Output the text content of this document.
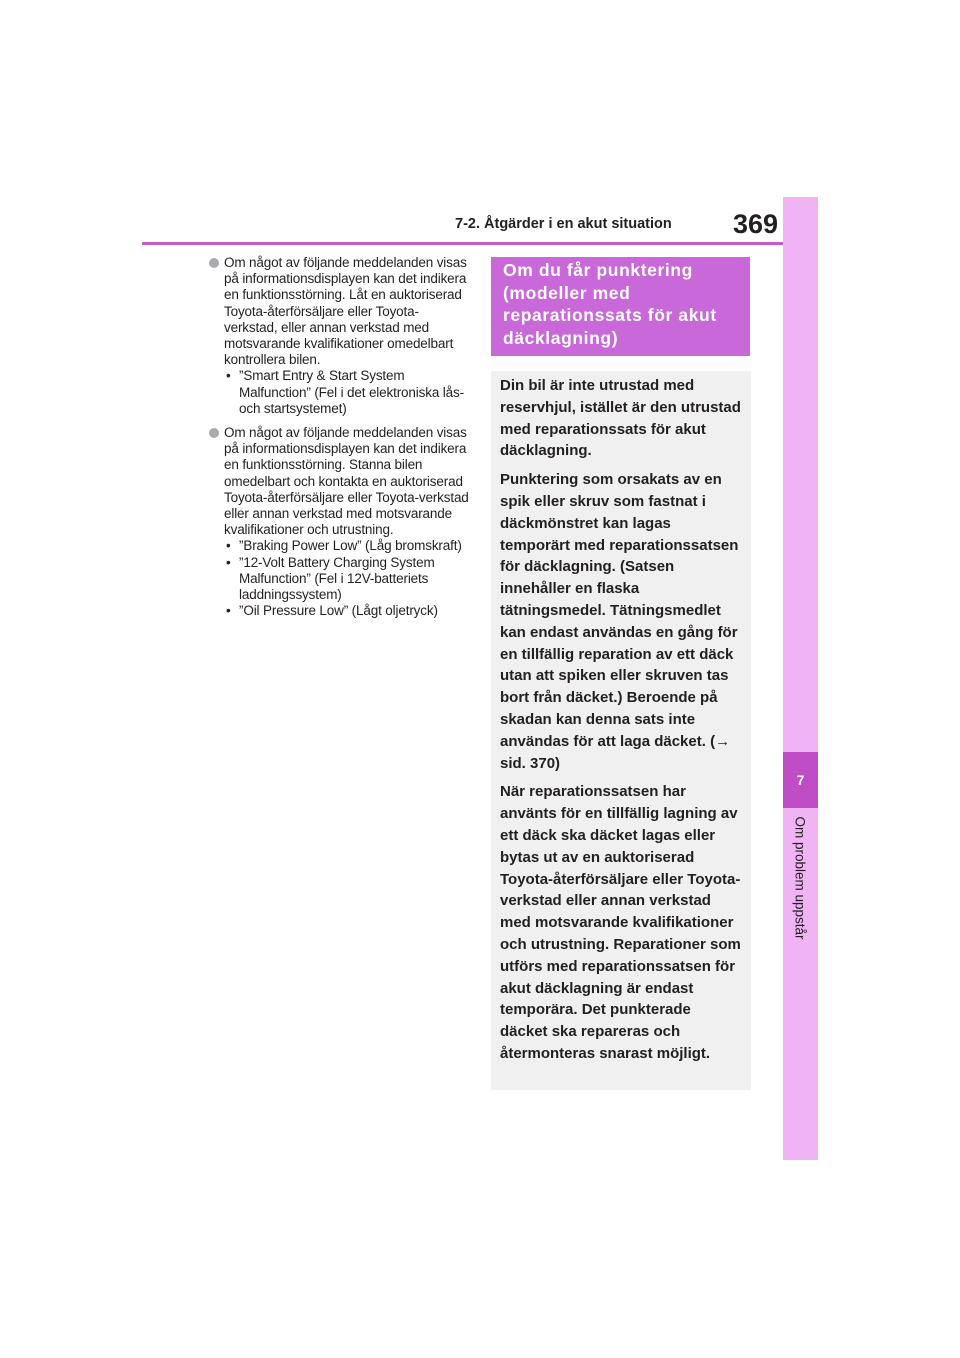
7-2. Åtgärder i en akut situation 369
7
Om problem uppstår
Om något av följande meddelanden visas på informationsdisplayen kan det indikera en funktionsstörning. Låt en auktoriserad Toyota-återförsäljare eller Toyota-verkstad, eller annan verkstad med motsvarande kvalifikationer omedelbart kontrollera bilen.
• ”Smart Entry & Start System Malfunction” (Fel i det elektroniska lås- och startsystemet)
Om något av följande meddelanden visas på informationsdisplayen kan det indikera en funktionsstörning. Stanna bilen omedelbart och kontakta en auktoriserad Toyota-återförsäljare eller Toyota-verkstad eller annan verkstad med motsvarande kvalifikationer och utrustning.
• ”Braking Power Low” (Låg bromskraft)
• ”12-Volt Battery Charging System Malfunction” (Fel i 12V-batteriets laddningssystem)
• ”Oil Pressure Low” (Lågt oljetryck)
Om du får punktering (modeller med reparationssats för akut däcklagning)

Din bil är inte utrustad med reservhjul, istället är den utrustad med reparationssats för akut däcklagning.

Punktering som orsakats av en spik eller skruv som fastnat i däckmönstret kan lagas temporärt med reparationssatsen för däcklagning. (Satsen innehåller en flaska tätningsmedel. Tätningsmedlet kan endast användas en gång för en tillfällig reparation av ett däck utan att spiken eller skruven tas bort från däcket.) Beroende på skadan kan denna sats inte användas för att laga däcket. (→ sid. 370)

När reparationssatsen har använts för en tillfällig lagning av ett däck ska däcket lagas eller bytas ut av en auktoriserad Toyota-återförsäljare eller Toyota-verkstad eller annan verkstad med motsvarande kvalifikationer och utrustning. Reparationer som utförs med reparationssatsen för akut däcklagning är endast temporära. Det punkterade däcket ska repareras och återmonteras snarast möjligt.
